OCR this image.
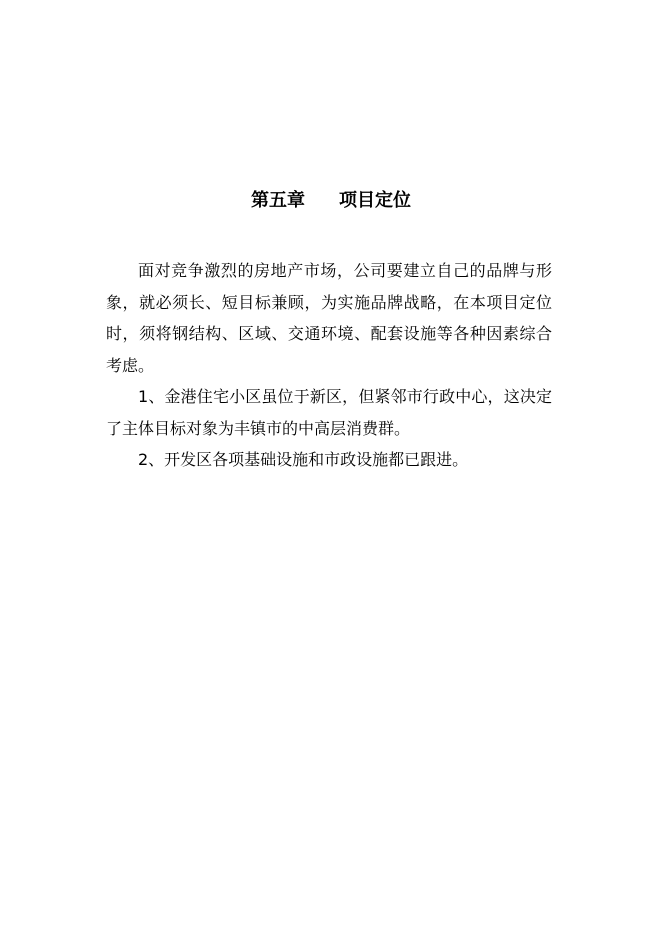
第五章 项目定位

面对竞争激烈的房地产市场，公司要建立自己的品牌与形象，就必须长、短目标兼顾，为实施品牌战略，在本项目定位时，须将钢结构、区域、交通环境、配套设施等各种因素综合考虑。

1、金港住宅小区虽位于新区，但紧邻市行政中心，这决定了主体目标对象为丰镇市的中高层消费群。

2、开发区各项基础设施和市政设施都已跟进。
